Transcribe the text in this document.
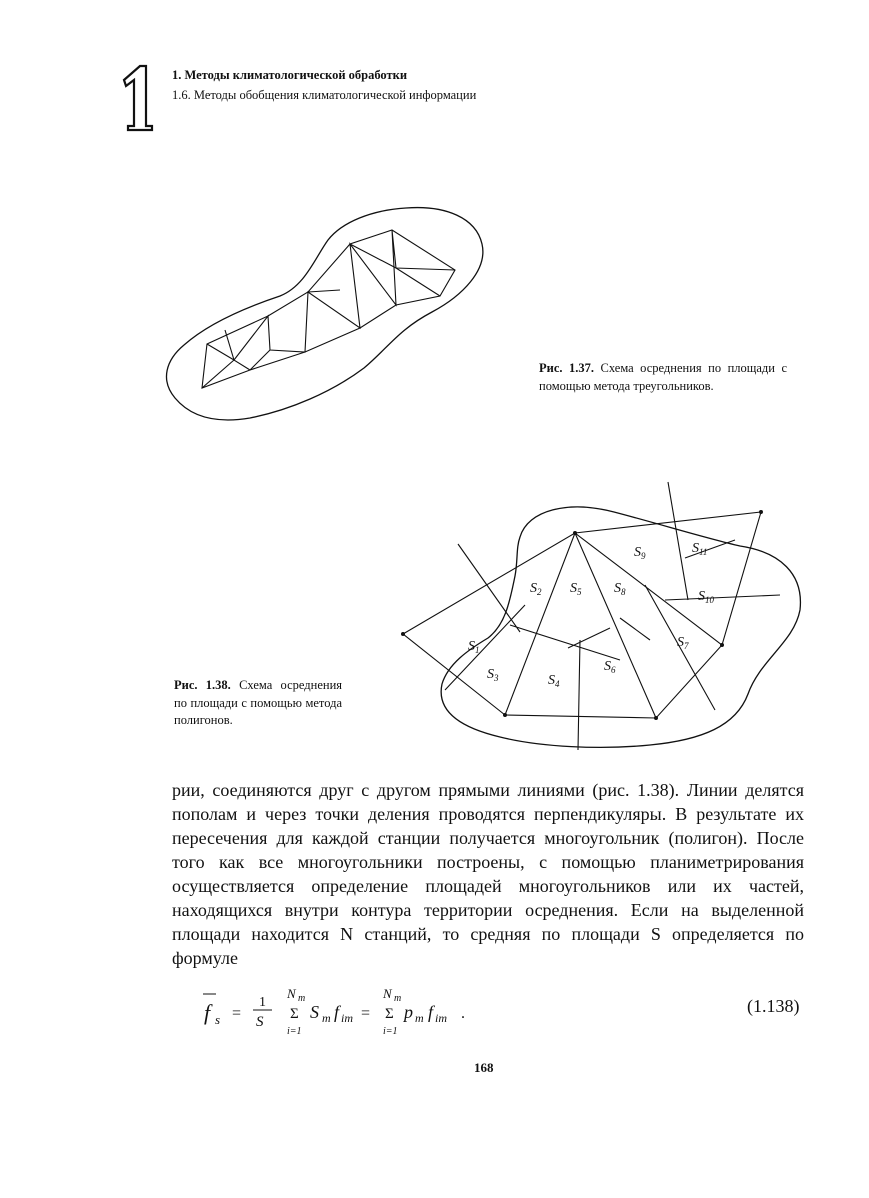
1. Методы климатологической обработки
1.6. Методы обобщения климатологической информации
Рис. 1.37. Схема осреднения по площади с помощью метода треугольников.
$S_1$
$S_2$
$S_3$	$S_4$
$S_5$
$S_6$
$S_7$
$S_8$
$S_9$
$S_{10}$
$S_{11}$
Рис. 1.38. Схема осреднения по площади с помощью метода полигонов.
рии, соединяются друг с другом прямыми линиями (рис. 1.38). Линии делятся пополам и через точки деления проводятся перпендикуляры. В результате их пересечения для каждой станции получается многоугольник (полигон). После того как все многоугольники построены, с помощью планиметрирования осуществляется определение площадей многоугольников или их частей, находящихся внутри контура территории осреднения. Если на выделенной площади находится N станций, то средняя по площади S определяется по формуле
f s =
1
S
N m
Σ
i=1
S m f im =
N m
Σ
i=1
p m f im .	(1.138)
168
